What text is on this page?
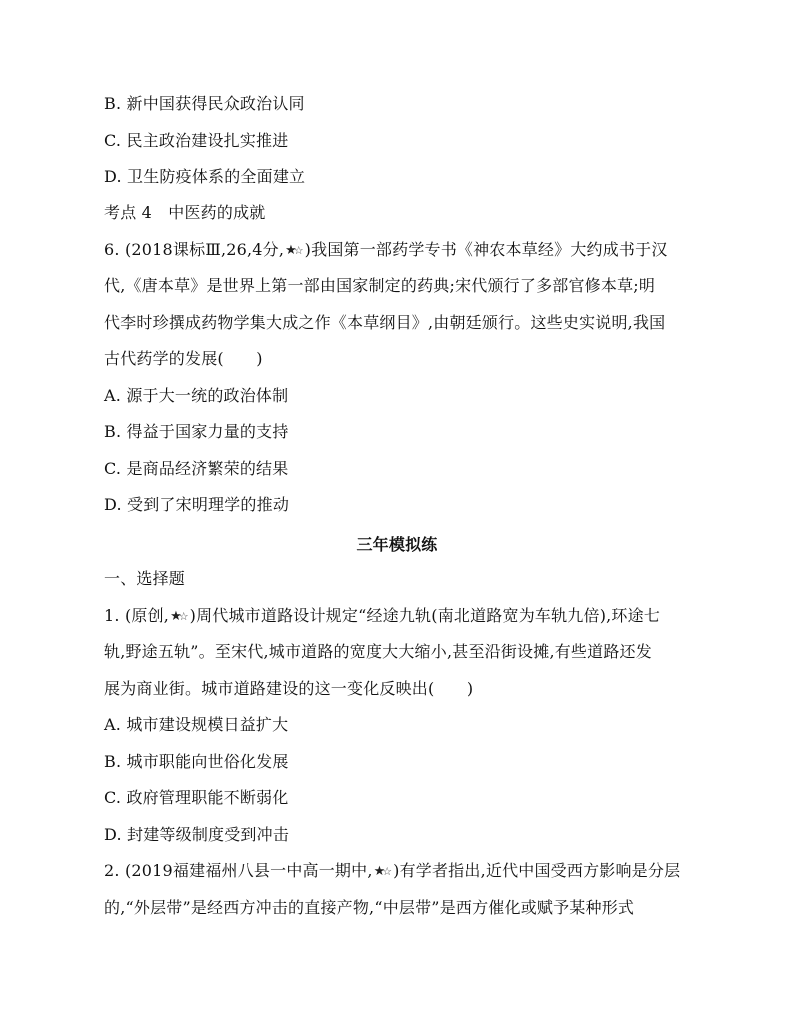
B. 新中国获得民众政治认同
C. 民主政治建设扎实推进
D. 卫生防疫体系的全面建立
考点 4　中医药的成就
6. (2018课标Ⅲ,26,4分,★☆ )我国第一部药学专书《神农本草经》大约成书于汉
代,《唐本草》是世界上第一部由国家制定的药典;宋代颁行了多部官修本草;明
代李时珍撰成药物学集大成之作《本草纲目》,由朝廷颁行。这些史实说明,我国
古代药学的发展(　　)
A. 源于大一统的政治体制
B. 得益于国家力量的支持
C. 是商品经济繁荣的结果
D. 受到了宋明理学的推动
三年模拟练
一、选择题
1. (原创,★☆ )周代城市道路设计规定“经途九轨(南北道路宽为车轨九倍),环途七
轨,野途五轨”。至宋代,城市道路的宽度大大缩小,甚至沿街设摊,有些道路还发
展为商业街。城市道路建设的这一变化反映出(　　)
A. 城市建设规模日益扩大
B. 城市职能向世俗化发展
C. 政府管理职能不断弱化
D. 封建等级制度受到冲击
2. (2019福建福州八县一中高一期中,★☆ )有学者指出,近代中国受西方影响是分层
的,“外层带”是经西方冲击的直接产物,“中层带”是西方催化或赋予某种形式
